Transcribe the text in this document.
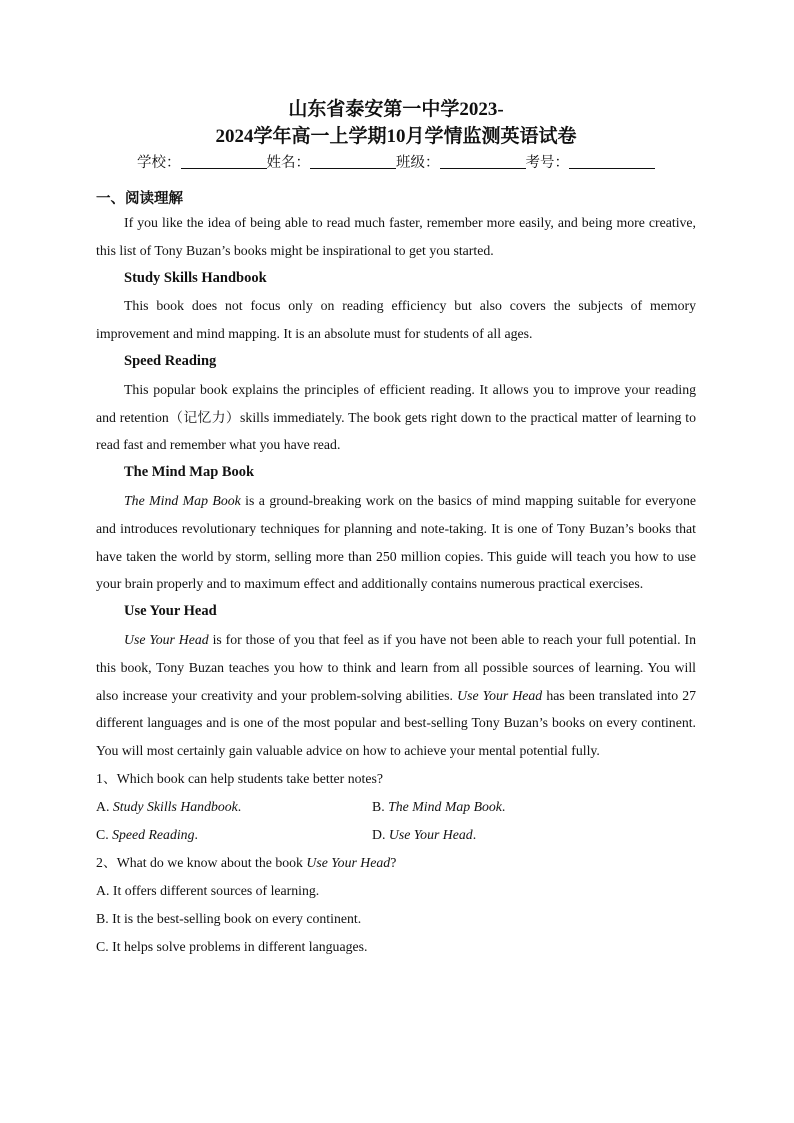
山东省泰安第一中学2023-
2024学年高一上学期10月学情监测英语试卷
学校：	姓名：	班级：	考号：
一、阅读理解

If you like the idea of being able to read much faster, remember more easily, and being more creative, this list of Tony Buzan’s books might be inspirational to get you started.

Study Skills Handbook

This book does not focus only on reading efficiency but also covers the subjects of memory improvement and mind mapping. It is an absolute must for students of all ages.

Speed Reading

This popular book explains the principles of efficient reading. It allows you to improve your reading and retention（记忆力）skills immediately. The book gets right down to the practical matter of learning to read fast and remember what you have read.

The Mind Map Book

The Mind Map Book is a ground-breaking work on the basics of mind mapping suitable for everyone and introduces revolutionary techniques for planning and note-taking. It is one of Tony Buzan’s books that have taken the world by storm, selling more than 250 million copies. This guide will teach you how to use your brain properly and to maximum effect and additionally contains numerous practical exercises.

Use Your Head

Use Your Head is for those of you that feel as if you have not been able to reach your full potential. In this book, Tony Buzan teaches you how to think and learn from all possible sources of learning. You will also increase your creativity and your problem-solving abilities. Use Your Head has been translated into 27 different languages and is one of the most popular and best-selling Tony Buzan’s books on every continent. You will most certainly gain valuable advice on how to achieve your mental potential fully.

1、Which book can help students take better notes?
A. Study Skills Handbook.	B. The Mind Map Book.
C. Speed Reading.	D. Use Your Head.
2、What do we know about the book Use Your Head?
A. It offers different sources of learning.
B. It is the best-selling book on every continent.
C. It helps solve problems in different languages.
